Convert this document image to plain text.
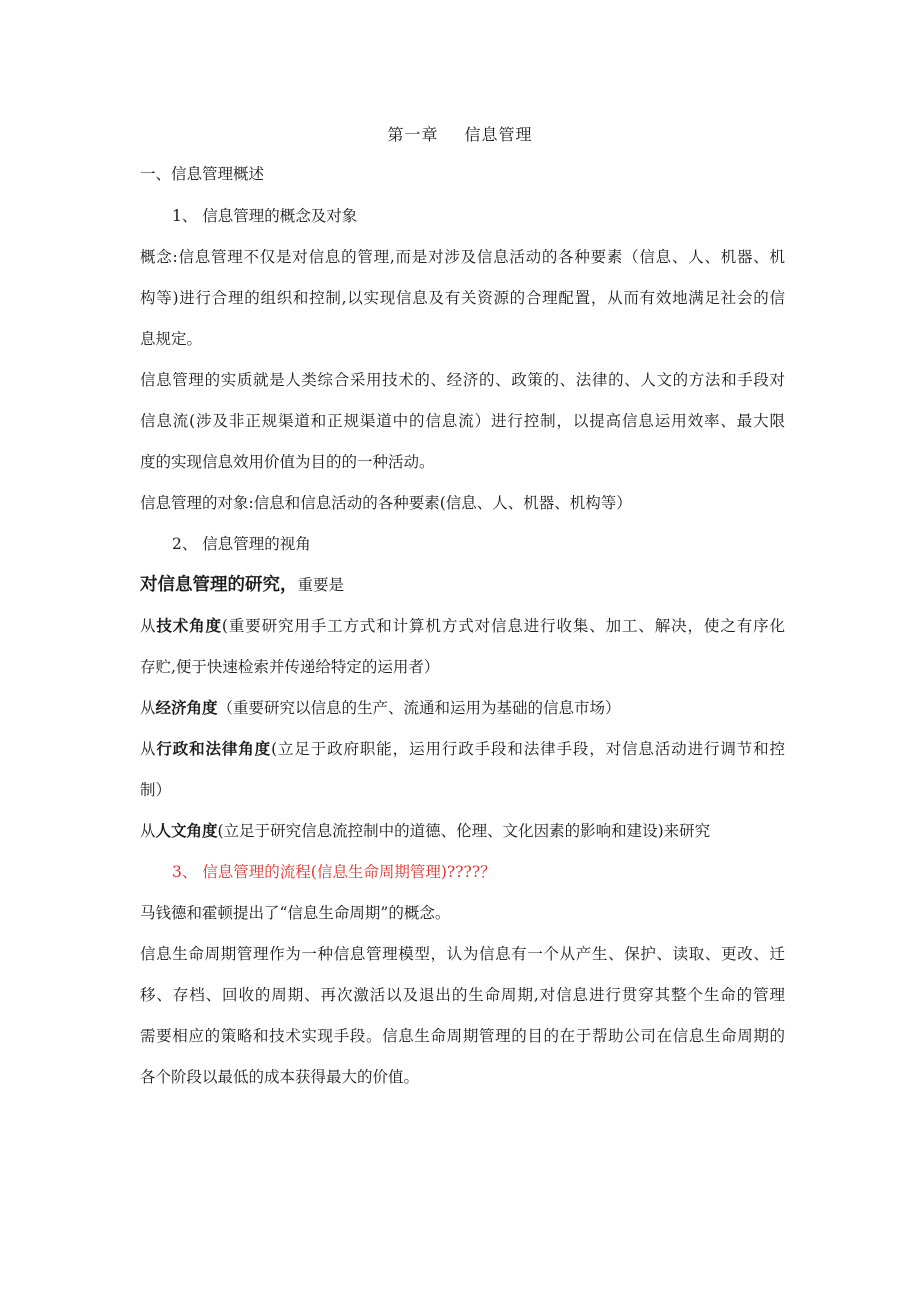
第一章 信息管理
一、信息管理概述
1、 信息管理的概念及对象
概念:信息管理不仅是对信息的管理,而是对涉及信息活动的各种要素（信息、人、机器、机
构等)进行合理的组织和控制,以实现信息及有关资源的合理配置，从而有效地满足社会的信
息规定。
信息管理的实质就是人类综合采用技术的、经济的、政策的、法律的、人文的方法和手段对
信息流(涉及非正规渠道和正规渠道中的信息流）进行控制，以提高信息运用效率、最大限
度的实现信息效用价值为目的的一种活动。
信息管理的对象:信息和信息活动的各种要素(信息、人、机器、机构等）
2、 信息管理的视角
对信息管理的研究，重要是
从技术角度(重要研究用手工方式和计算机方式对信息进行收集、加工、解决，使之有序化
存贮,便于快速检索并传递给特定的运用者）
从经济角度（重要研究以信息的生产、流通和运用为基础的信息市场）
从行政和法律角度(立足于政府职能，运用行政手段和法律手段，对信息活动进行调节和控
制）
从人文角度(立足于研究信息流控制中的道德、伦理、文化因素的影响和建设)来研究
3、 信息管理的流程(信息生命周期管理)????？
马钱德和霍顿提出了“信息生命周期”的概念。
信息生命周期管理作为一种信息管理模型，认为信息有一个从产生、保护、读取、更改、迁
移、存档、回收的周期、再次激活以及退出的生命周期,对信息进行贯穿其整个生命的管理
需要相应的策略和技术实现手段。信息生命周期管理的目的在于帮助公司在信息生命周期的
各个阶段以最低的成本获得最大的价值。
